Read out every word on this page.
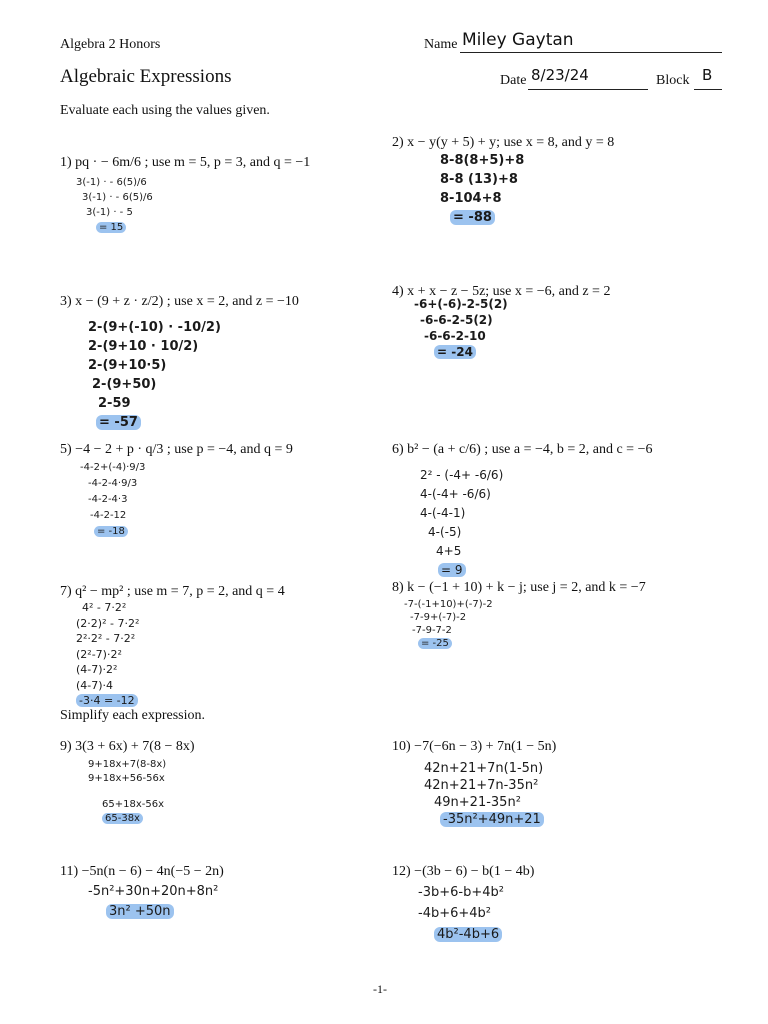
Algebra 2 Honors	Name Miley Gaytan
Algebraic Expressions	Date 8/23/24	Block B
Evaluate each using the values given.
1) pq · − 6m/6 ; use m = 5, p = 3, and q = −1
3(-1) · - 6(5)/6
3(-1) · - 6(5)/6
3(-1) · - 5
= 15
2) x − y(y + 5) + y; use x = 8, and y = 8
8-8(8+5)+8
8-8 (13)+8
8-104+8
= -88
3) x − (9 + z · z/2) ; use x = 2, and z = −10
2-(9+(-10) · -10/2)
2-(9+10 · 10/2)
2-(9+10·5)
2-(9+50)
2-59
= -57
4) x + x − z − 5z; use x = −6, and z = 2
-6+(-6)-2-5(2)
-6-6-2-5(2)
-6-6-2-10
= -24
5) −4 − 2 + p · q/3 ; use p = −4, and q = 9
-4-2+(-4)·9/3
-4-2-4·9/3
-4-2-4·3
-4-2-12
= -18
6) b² − (a + c/6) ; use a = −4, b = 2, and c = −6
2² - (-4+ -6/6)
4-(-4+ -6/6)
4-(-4-1)
4-(-5)
4+5
= 9
7) q² − mp² ; use m = 7, p = 2, and q = 4
4² - 7·2²
(2·2)² - 7·2²
2²·2² - 7·2²
(2²-7)·2²
(4-7)·2²
(4-7)·4
-3·4 = -12
8) k − (−1 + 10) + k − j; use j = 2, and k = −7
-7-(-1+10)+(-7)-2
-7-9+(-7)-2
-7-9-7-2
= -25
Simplify each expression.
9) 3(3 + 6x) + 7(8 − 8x)
9+18x+7(8-8x)
9+18x+56-56x
65+18x-56x
65-38x
10) −7(−6n − 3) + 7n(1 − 5n)
42n+21+7n(1-5n)
42n+21+7n-35n²
49n+21-35n²
-35n²+49n+21
11) −5n(n − 6) − 4n(−5 − 2n)
-5n²+30n+20n+8n²
3n² +50n
12) −(3b − 6) − b(1 − 4b)
-3b+6-b+4b²
-4b+6+4b²
4b²-4b+6
-1-
